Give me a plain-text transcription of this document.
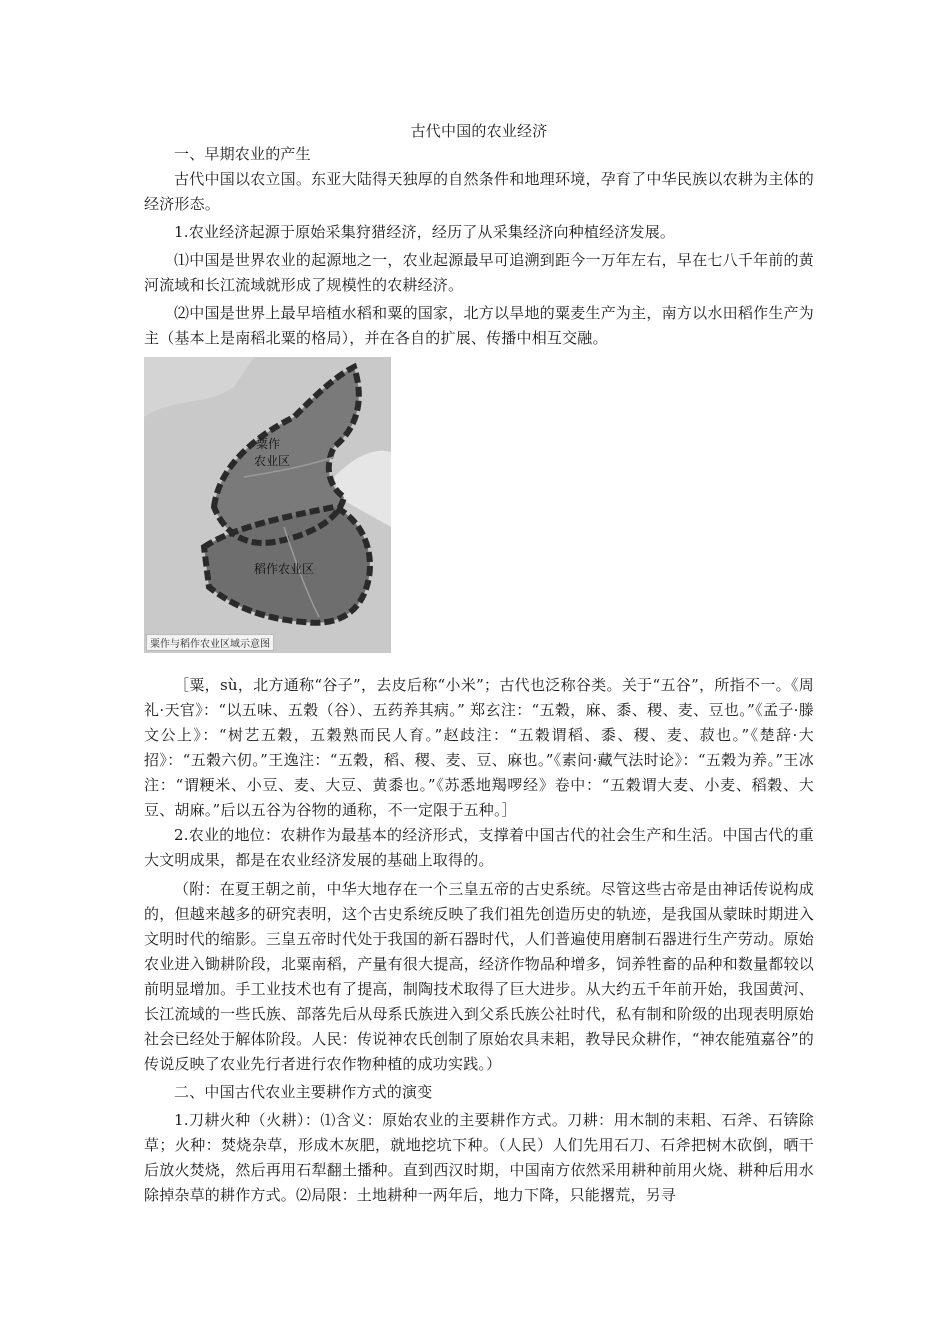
古代中国的农业经济

一、早期农业的产生

古代中国以农立国。东亚大陆得天独厚的自然条件和地理环境，孕育了中华民族以农耕为主体的经济形态。

1.农业经济起源于原始采集狩猎经济，经历了从采集经济向种植经济发展。

⑴中国是世界农业的起源地之一，农业起源最早可追溯到距今一万年左右，早在七八千年前的黄河流域和长江流域就形成了规模性的农耕经济。

⑵中国是世界上最早培植水稻和粟的国家，北方以旱地的粟麦生产为主，南方以水田稻作生产为主（基本上是南稻北粟的格局），并在各自的扩展、传播中相互交融。

粟作
农业区
稻作农业区
粟作与稻作农业区域示意图

［粟，sù，北方通称“谷子”，去皮后称“小米”；古代也泛称谷类。关于“五谷”，所指不一。《周礼·天官》：“以五味、五穀（谷）、五药养其病。” 郑玄注：“五穀，麻、黍、稷、麦、豆也。”《孟子·滕文公上》：“树艺五穀，五穀熟而民人育。”赵歧注：“五穀谓稻、黍、稷、麦、菽也。”《楚辞·大招》：“五穀六仞。”王逸注：“五穀，稻、稷、麦、豆、麻也。”《素问·藏气法时论》：“五穀为养。”王冰注：“谓粳米、小豆、麦、大豆、黄黍也。”《苏悉地羯啰经》卷中：“五穀谓大麦、小麦、稻穀、大豆、胡麻。”后以五谷为谷物的通称，不一定限于五种。］

2.农业的地位：农耕作为最基本的经济形式，支撑着中国古代的社会生产和生活。中国古代的重大文明成果，都是在农业经济发展的基础上取得的。

（附：在夏王朝之前，中华大地存在一个三皇五帝的古史系统。尽管这些古帝是由神话传说构成的，但越来越多的研究表明，这个古史系统反映了我们祖先创造历史的轨迹，是我国从蒙昧时期进入文明时代的缩影。三皇五帝时代处于我国的新石器时代，人们普遍使用磨制石器进行生产劳动。原始农业进入锄耕阶段，北粟南稻，产量有很大提高，经济作物品种增多，饲养牲畜的品种和数量都较以前明显增加。手工业技术也有了提高，制陶技术取得了巨大进步。从大约五千年前开始，我国黄河、长江流域的一些氏族、部落先后从母系氏族进入到父系氏族公社时代，私有制和阶级的出现表明原始社会已经处于解体阶段。人民：传说神农氏创制了原始农具耒耜，教导民众耕作，“神农能殖嘉谷”的传说反映了农业先行者进行农作物种植的成功实践。）

二、中国古代农业主要耕作方式的演变

1.刀耕火种（火耕）：⑴含义：原始农业的主要耕作方式。刀耕：用木制的耒耜、石斧、石锛除草；火种：焚烧杂草，形成木灰肥，就地挖坑下种。（人民）人们先用石刀、石斧把树木砍倒，晒干后放火焚烧，然后再用石犁翻土播种。直到西汉时期，中国南方依然采用耕种前用火烧、耕种后用水除掉杂草的耕作方式。⑵局限：土地耕种一两年后，地力下降，只能撂荒，另寻
